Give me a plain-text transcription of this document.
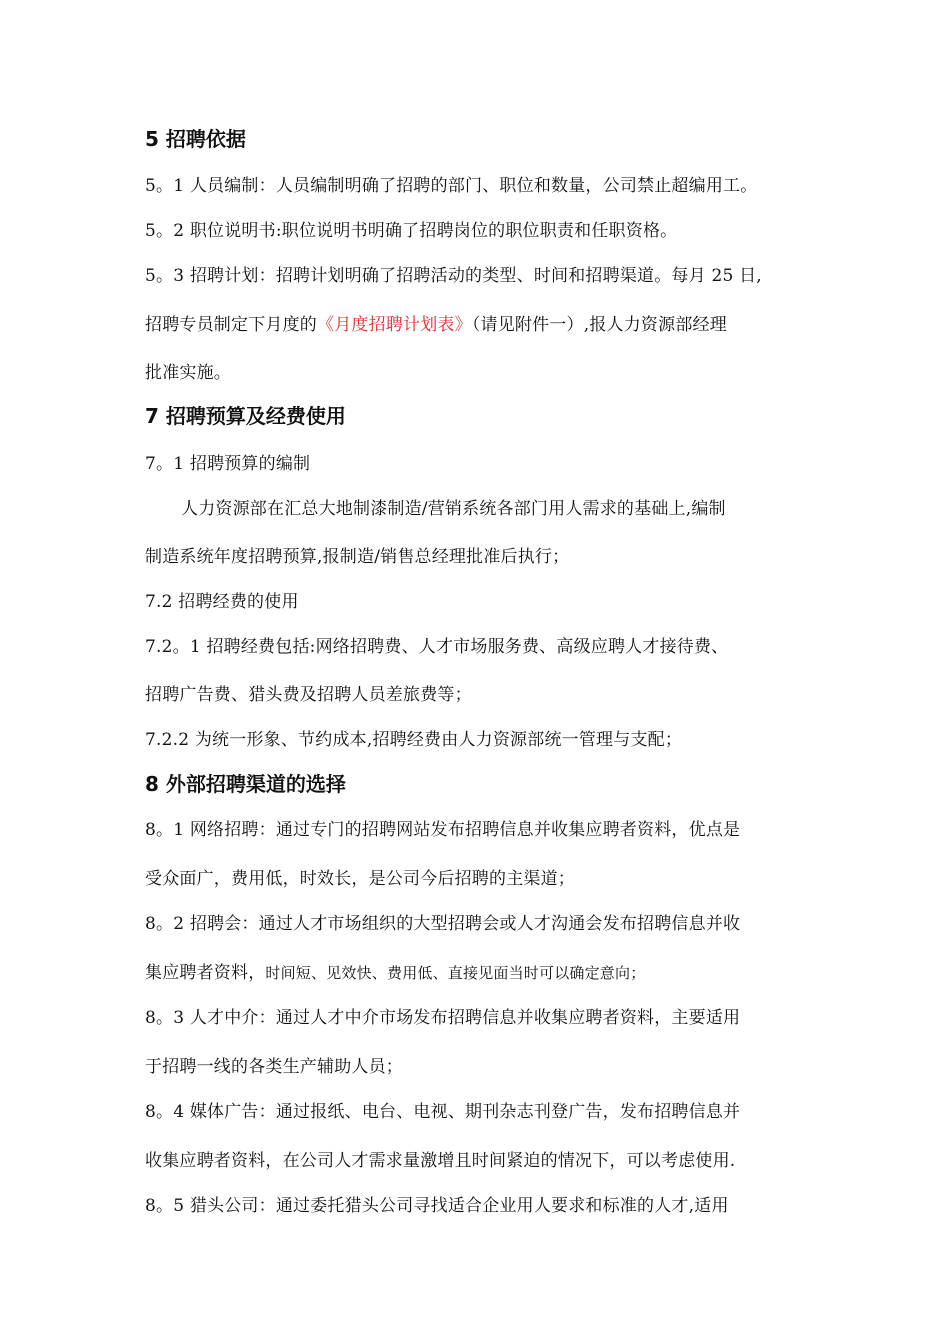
5 招聘依据
5。1 人员编制：人员编制明确了招聘的部门、职位和数量，公司禁止超编用工。
5。2 职位说明书:职位说明书明确了招聘岗位的职位职责和任职资格。
5。3 招聘计划：招聘计划明确了招聘活动的类型、时间和招聘渠道。每月 25 日,
招聘专员制定下月度的《月度招聘计划表》（请见附件一）,报人力资源部经理
批准实施。
7 招聘预算及经费使用
7。1 招聘预算的编制
人力资源部在汇总大地制漆制造/营销系统各部门用人需求的基础上,编制
制造系统年度招聘预算,报制造/销售总经理批准后执行；
7.2 招聘经费的使用
7.2。1 招聘经费包括:网络招聘费、人才市场服务费、高级应聘人才接待费、
招聘广告费、猎头费及招聘人员差旅费等；
7.2.2 为统一形象、节约成本,招聘经费由人力资源部统一管理与支配；
8 外部招聘渠道的选择
8。1 网络招聘：通过专门的招聘网站发布招聘信息并收集应聘者资料，优点是
受众面广，费用低，时效长，是公司今后招聘的主渠道；
8。2 招聘会：通过人才市场组织的大型招聘会或人才沟通会发布招聘信息并收
集应聘者资料，时间短、见效快、费用低、直接见面当时可以确定意向；
8。3 人才中介：通过人才中介市场发布招聘信息并收集应聘者资料，主要适用
于招聘一线的各类生产辅助人员；
8。4 媒体广告：通过报纸、电台、电视、期刊杂志刊登广告，发布招聘信息并
收集应聘者资料，在公司人才需求量激增且时间紧迫的情况下，可以考虑使用.
8。5 猎头公司：通过委托猎头公司寻找适合企业用人要求和标准的人才,适用
